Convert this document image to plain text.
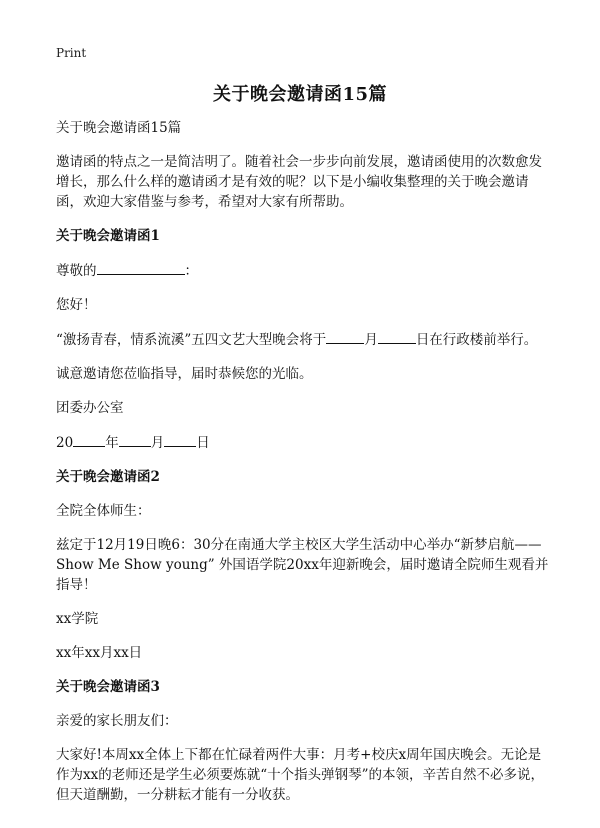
Print
关于晚会邀请函15篇

关于晚会邀请函15篇

邀请函的特点之一是简洁明了。随着社会一步步向前发展，邀请函使用的次数愈发增长，那么什么样的邀请函才是有效的呢？以下是小编收集整理的关于晚会邀请函，欢迎大家借鉴与参考，希望对大家有所帮助。

关于晚会邀请函1

尊敬的	：

您好！

“激扬青春，情系流溪”五四文艺大型晚会将于	月	日在行政楼前举行。

诚意邀请您莅临指导，届时恭候您的光临。

团委办公室

20 年 月 日

关于晚会邀请函2

全院全体师生：

兹定于12月19日晚6：30分在南通大学主校区大学生活动中心举办“新梦启航——Show Me Show young” 外国语学院20xx年迎新晚会，届时邀请全院师生观看并指导！

xx学院

xx年xx月xx日

关于晚会邀请函3

亲爱的家长朋友们：

大家好!本周xx全体上下都在忙碌着两件大事：月考+校庆x周年国庆晚会。无论是作为xx的老师还是学生必须要炼就“十个指头弹钢琴”的本领，辛苦自然不必多说，但天道酬勤，一分耕耘才能有一分收获。
